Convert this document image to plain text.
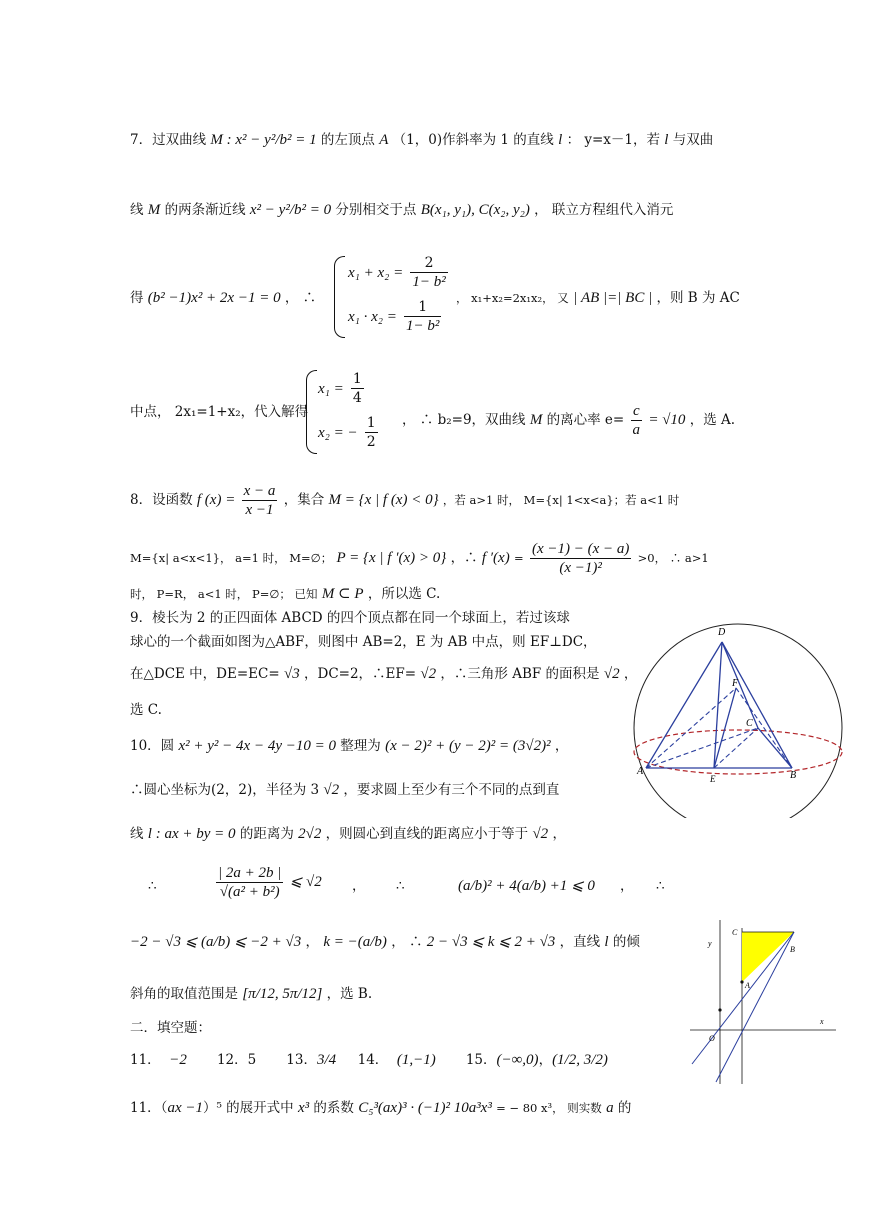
7．过双曲线 M : x² − y²/b² = 1 的左顶点 A （1，0)作斜率为 1 的直线 l ： y=x－1，若 l 与双曲
线 M 的两条渐近线 x² − y²/b² = 0 分别相交于点 B(x₁, y₁), C(x₂, y₂) ， 联立方程组代入消元
得 (b² −1)x² + 2x −1 = 0 ， ∴
$x_1 + x_2 = \frac{2}{\text{1− b²}}$
$x_1 \cdot x_2 = \frac{1}{\text{1− b²}}$ ， x₁+x₂=2x₁x₂， 又 | AB |=| BC | ，则 B 为 AC
中点， 2x₁=1+x₂，代入解得
$x_1 = \frac{1}{4}$
x₂ = − $\frac{1}{2}$ ， ∴ b₂=9，双曲线 M 的离心率 $e= \frac{c}{a} = √10$ ，选 A.
8．设函数 f $(x) = \frac{x - a}{x -1}$ ，集合 M = {x | f (x) < 0} ，若 a>1 时， M={x| 1<x<a}；若 a<1 时
M={x| a<x<1}， a=1 时， M=∅； P = {x | f ′(x) > 0} ，∴ f $'(x) = \frac{(x -1) - (x - a)}{\text{(x −1)²}} >0$， ∴ a>1
时， P=R， a<1 时， P=∅； 已知 M ⊂ P ，所以选 C.
9．棱长为 2 的正四面体 ABCD 的四个顶点都在同一个球面上，若过该球
球心的一个截面如图为△ABF，则图中 AB=2，E 为 AB 中点，则 EF⊥DC，
在△DCE 中，DE=EC= √3 ，DC=2，∴EF= √2 ，∴三角形 ABF 的面积是 √2 ，
选 C.
10．圆 x² + y² − 4x − 4y −10 = 0 整理为 (x − 2)² + (y − 2)² = (3√2)² ，
∴圆心坐标为(2，2)，半径为 3 √2 ，要求圆上至少有三个不同的点到直
线 l : ax + by = 0 的距离为 2√2 ，则圆心到直线的距离应小于等于 √2 ，
∴	$\frac{| 2a + 2b |}{\text{√(a² + b²)}}$ ⩽ √2 ， ∴	(a/b)² + 4(a/b) +1 ⩽ 0 ， ∴
−2 − √3 ⩽ (a/b) ⩽ −2 + √3 ， k = −(a/b) ， ∴ 2 − √3 ⩽ k ⩽ 2 + √3 ，直线 l 的倾
斜角的取值范围是 [π/12, 5π/12] ，选 B.
二．填空题：
11． −2 12．5 13．3/4 14． (1,−1) 15．(−∞,0)，(1/2, 3/2)
11．（ax −1）⁵ 的展开式中 x³ 的系数 C₅³(ax)³ · (−1)² 10a³x³ = − 80 x³， 则实数 a 的
D
F
C
A
E	B
y
C
B
A
O
x
